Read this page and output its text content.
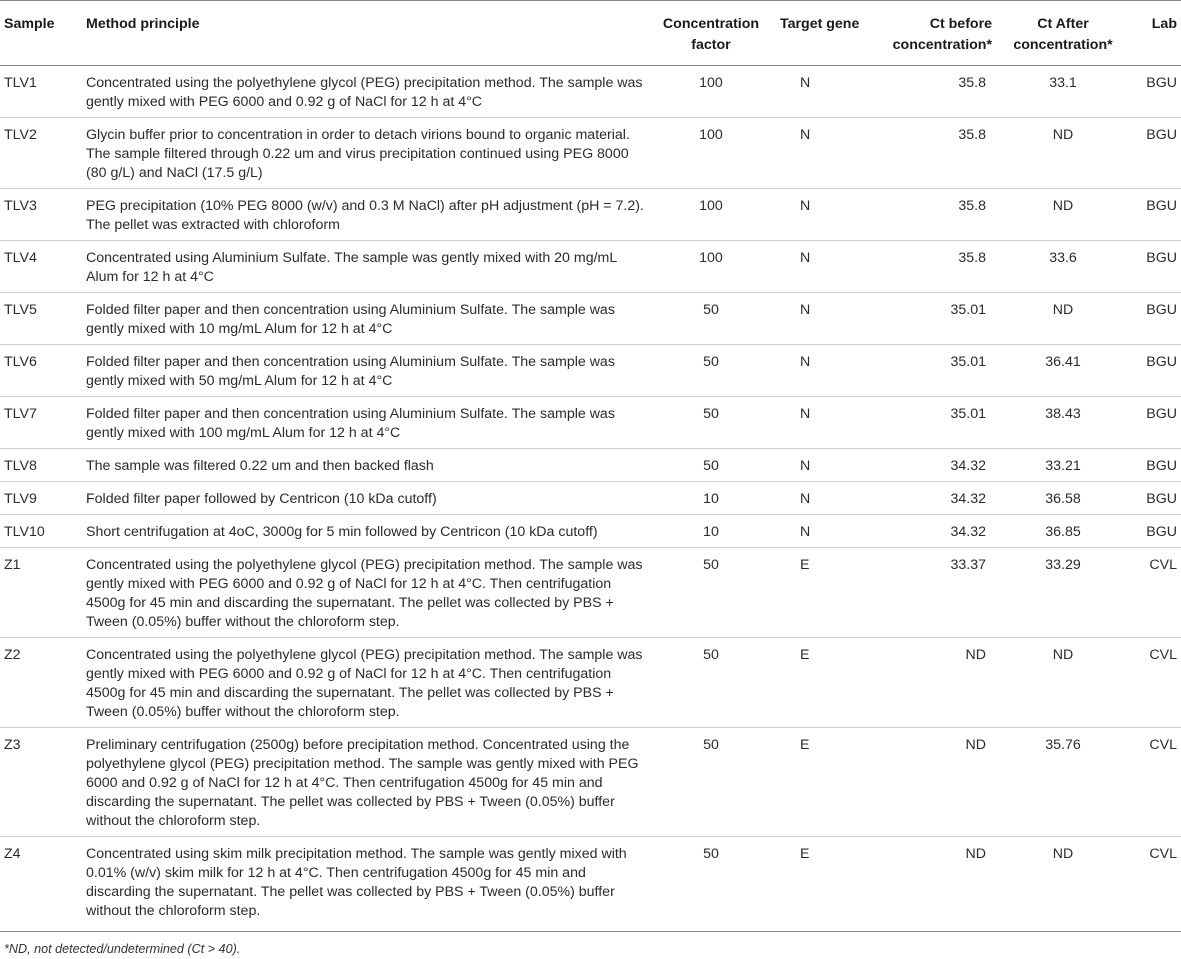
Sample	Method principle	Concentration factor	Target gene	Ct before concentration*	Ct After concentration*	Lab
TLV1	Concentrated using the polyethylene glycol (PEG) precipitation method. The sample was gently mixed with PEG 6000 and 0.92 g of NaCl for 12 h at 4°C	100	N	35.8	33.1	BGU
TLV2	Glycin buffer prior to concentration in order to detach virions bound to organic material. The sample filtered through 0.22 um and virus precipitation continued using PEG 8000 (80 g/L) and NaCl (17.5 g/L)	100	N	35.8	ND	BGU
TLV3	PEG precipitation (10% PEG 8000 (w/v) and 0.3 M NaCl) after pH adjustment (pH = 7.2). The pellet was extracted with chloroform	100	N	35.8	ND	BGU
TLV4	Concentrated using Aluminium Sulfate. The sample was gently mixed with 20 mg/mL Alum for 12 h at 4°C	100	N	35.8	33.6	BGU
TLV5	Folded filter paper and then concentration using Aluminium Sulfate. The sample was gently mixed with 10 mg/mL Alum for 12 h at 4°C	50	N	35.01	ND	BGU
TLV6	Folded filter paper and then concentration using Aluminium Sulfate. The sample was gently mixed with 50 mg/mL Alum for 12 h at 4°C	50	N	35.01	36.41	BGU
TLV7	Folded filter paper and then concentration using Aluminium Sulfate. The sample was gently mixed with 100 mg/mL Alum for 12 h at 4°C	50	N	35.01	38.43	BGU
TLV8	The sample was filtered 0.22 um and then backed flash	50	N	34.32	33.21	BGU
TLV9	Folded filter paper followed by Centricon (10 kDa cutoff)	10	N	34.32	36.58	BGU
TLV10	Short centrifugation at 4oC, 3000g for 5 min followed by Centricon (10 kDa cutoff)	10	N	34.32	36.85	BGU
Z1	Concentrated using the polyethylene glycol (PEG) precipitation method. The sample was gently mixed with PEG 6000 and 0.92 g of NaCl for 12 h at 4°C. Then centrifugation 4500g for 45 min and discarding the supernatant. The pellet was collected by PBS + Tween (0.05%) buffer without the chloroform step.	50	E	33.37	33.29	CVL
Z2	Concentrated using the polyethylene glycol (PEG) precipitation method. The sample was gently mixed with PEG 6000 and 0.92 g of NaCl for 12 h at 4°C. Then centrifugation 4500g for 45 min and discarding the supernatant. The pellet was collected by PBS + Tween (0.05%) buffer without the chloroform step.	50	E	ND	ND	CVL
Z3	Preliminary centrifugation (2500g) before precipitation method. Concentrated using the polyethylene glycol (PEG) precipitation method. The sample was gently mixed with PEG 6000 and 0.92 g of NaCl for 12 h at 4°C. Then centrifugation 4500g for 45 min and discarding the supernatant. The pellet was collected by PBS + Tween (0.05%) buffer without the chloroform step.	50	E	ND	35.76	CVL
Z4	Concentrated using skim milk precipitation method. The sample was gently mixed with 0.01% (w/v) skim milk for 12 h at 4°C. Then centrifugation 4500g for 45 min and discarding the supernatant. The pellet was collected by PBS + Tween (0.05%) buffer without the chloroform step.	50	E	ND	ND	CVL
*ND, not detected/undetermined (Ct > 40).
